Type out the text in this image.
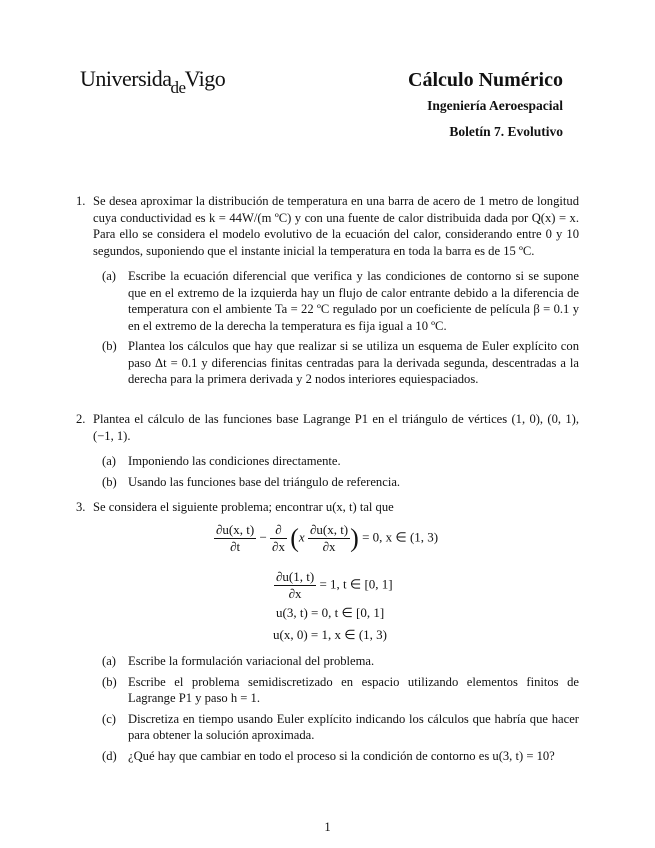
Universida$_{de}$Vigo	Cálculo Numérico
Ingeniería Aeroespacial
Boletín 7. Evolutivo
1. Se desea aproximar la distribución de temperatura en una barra de acero de 1 metro de longitud cuya conductividad es k = 44W/(m ºC) y con una fuente de calor distribuida dada por Q(x) = x. Para ello se considera el modelo evolutivo de la ecuación del calor, considerando entre 0 y 10 segundos, suponiendo que el instante inicial la temperatura en toda la barra es de 15 ºC.
(a) Escribe la ecuación diferencial que verifica y las condiciones de contorno si se supone que en el extremo de la izquierda hay un flujo de calor entrante debido a la diferencia de temperatura con el ambiente Ta = 22 ºC regulado por un coeficiente de película β = 0.1 y en el extremo de la derecha la temperatura es fija igual a 10 ºC.
(b) Plantea los cálculos que hay que realizar si se utiliza un esquema de Euler explícito con paso Δt = 0.1 y diferencias finitas centradas para la derivada segunda, descentradas a la derecha para la primera derivada y 2 nodos interiores equiespaciados.
2. Plantea el cálculo de las funciones base Lagrange P1 en el triángulo de vértices (1, 0), (0, 1), (−1, 1).
(a) Imponiendo las condiciones directamente.
(b) Usando las funciones base del triángulo de referencia.
3. Se considera el siguiente problema; encontrar u(x, t) tal que
$\frac{\partial u(x, t)}{\partial t} - \frac{\partial}{\partial x} (x \frac{\partial u(x, t)}{\partial x}$ ) = 0, x ∈ (1, 3)
$\frac{\partial u(1, t)}{\partial x} = 1$, t ∈ [0, 1]
u(3, t) = 0, t ∈ [0, 1]
u(x, 0) = 1, x ∈ (1, 3)
(a) Escribe la formulación variacional del problema.
(b) Escribe el problema semidiscretizado en espacio utilizando elementos finitos de Lagrange P1 y paso h = 1.
(c) Discretiza en tiempo usando Euler explícito indicando los cálculos que habría que hacer para obtener la solución aproximada.
(d) ¿Qué hay que cambiar en todo el proceso si la condición de contorno es u(3, t) = 10?
1
